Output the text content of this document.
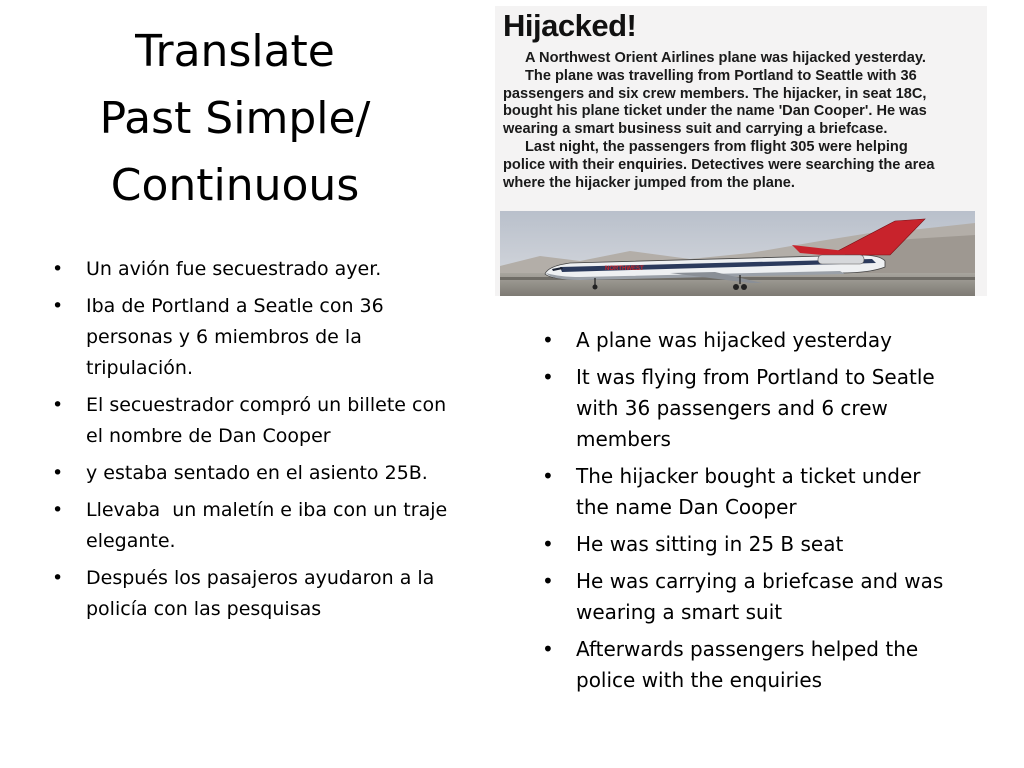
Translate
Past Simple/
Continuous
Hijacked!

A Northwest Orient Airlines plane was hijacked yesterday.

The plane was travelling from Portland to Seattle with 36

passengers and six crew members. The hijacker, in seat 18C,

bought his plane ticket under the name 'Dan Cooper'. He was

wearing a smart business suit and carrying a briefcase.

Last night, the passengers from flight 305 were helping

police with their enquiries. Detectives were searching the area

where the hijacker jumped from the plane.

NORTHWEST
• Un avión fue secuestrado ayer.
• Iba de Portland a Seatle con 36 personas y 6 miembros de la tripulación.
• El secuestrador compró un billete con el nombre de Dan Cooper
• y estaba sentado en el asiento 25B.
• Llevaba  un maletín e iba con un traje elegante.
• Después los pasajeros ayudaron a la policía con las pesquisas
• A plane was hijacked yesterday
• It was flying from Portland to Seatle with 36 passengers and 6 crew members
• The hijacker bought a ticket under the name Dan Cooper
• He was sitting in 25 B seat
• He was carrying a briefcase and was wearing a smart suit
• Afterwards passengers helped the police with the enquiries
